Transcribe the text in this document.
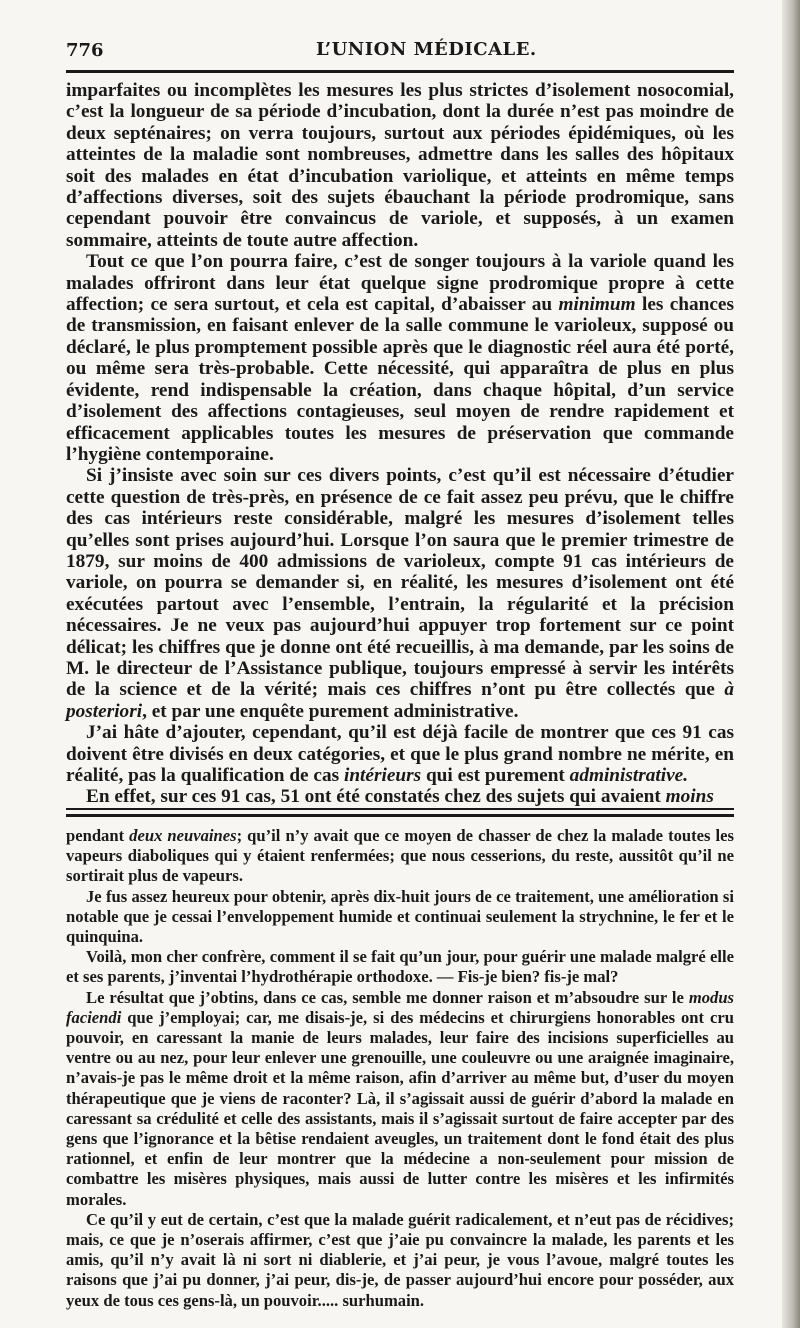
776	L’UNION MÉDICALE.

imparfaites ou incomplètes les mesures les plus strictes d’isolement nosocomial, c’est la longueur de sa période d’incubation, dont la durée n’est pas moindre de deux septénaires; on verra toujours, surtout aux périodes épidémiques, où les atteintes de la maladie sont nombreuses, admettre dans les salles des hôpitaux soit des malades en état d’incubation variolique, et atteints en même temps d’affections diverses, soit des sujets ébauchant la période prodromique, sans cependant pouvoir être convaincus de variole, et supposés, à un examen sommaire, atteints de toute autre affection.

Tout ce que l’on pourra faire, c’est de songer toujours à la variole quand les malades offriront dans leur état quelque signe prodromique propre à cette affection; ce sera surtout, et cela est capital, d’abaisser au minimum les chances de transmission, en faisant enlever de la salle commune le varioleux, supposé ou déclaré, le plus promptement possible après que le diagnostic réel aura été porté, ou même sera très-probable. Cette nécessité, qui apparaîtra de plus en plus évidente, rend indispensable la création, dans chaque hôpital, d’un service d’isolement des affections contagieuses, seul moyen de rendre rapidement et efficacement applicables toutes les mesures de préservation que commande l’hygiène contemporaine.

Si j’insiste avec soin sur ces divers points, c’est qu’il est nécessaire d’étudier cette question de très-près, en présence de ce fait assez peu prévu, que le chiffre des cas intérieurs reste considérable, malgré les mesures d’isolement telles qu’elles sont prises aujourd’hui. Lorsque l’on saura que le premier trimestre de 1879, sur moins de 400 admissions de varioleux, compte 91 cas intérieurs de variole, on pourra se demander si, en réalité, les mesures d’isolement ont été exécutées partout avec l’ensemble, l’entrain, la régularité et la précision nécessaires. Je ne veux pas aujourd’hui appuyer trop fortement sur ce point délicat; les chiffres que je donne ont été recueillis, à ma demande, par les soins de M. le directeur de l’Assistance publique, toujours empressé à servir les intérêts de la science et de la vérité; mais ces chiffres n’ont pu être collectés que à posteriori, et par une enquête purement administrative.

J’ai hâte d’ajouter, cependant, qu’il est déjà facile de montrer que ces 91 cas doivent être divisés en deux catégories, et que le plus grand nombre ne mérite, en réalité, pas la qualification de cas intérieurs qui est purement administrative.

En effet, sur ces 91 cas, 51 ont été constatés chez des sujets qui avaient moins

pendant deux neuvaines; qu’il n’y avait que ce moyen de chasser de chez la malade toutes les vapeurs diaboliques qui y étaient renfermées; que nous cesserions, du reste, aussitôt qu’il ne sortirait plus de vapeurs.

Je fus assez heureux pour obtenir, après dix-huit jours de ce traitement, une amélioration si notable que je cessai l’enveloppement humide et continuai seulement la strychnine, le fer et le quinquina.

Voilà, mon cher confrère, comment il se fait qu’un jour, pour guérir une malade malgré elle et ses parents, j’inventai l’hydrothérapie orthodoxe. — Fis-je bien? fis-je mal?

Le résultat que j’obtins, dans ce cas, semble me donner raison et m’absoudre sur le modus faciendi que j’employai; car, me disais-je, si des médecins et chirurgiens honorables ont cru pouvoir, en caressant la manie de leurs malades, leur faire des incisions superficielles au ventre ou au nez, pour leur enlever une grenouille, une couleuvre ou une araignée imaginaire, n’avais-je pas le même droit et la même raison, afin d’arriver au même but, d’user du moyen thérapeutique que je viens de raconter? Là, il s’agissait aussi de guérir d’abord la malade en caressant sa crédulité et celle des assistants, mais il s’agissait surtout de faire accepter par des gens que l’ignorance et la bêtise rendaient aveugles, un traitement dont le fond était des plus rationnel, et enfin de leur montrer que la médecine a non-seulement pour mission de combattre les misères physiques, mais aussi de lutter contre les misères et les infirmités morales.

Ce qu’il y eut de certain, c’est que la malade guérit radicalement, et n’eut pas de récidives; mais, ce que je n’oserais affirmer, c’est que j’aie pu convaincre la malade, les parents et les amis, qu’il n’y avait là ni sort ni diablerie, et j’ai peur, je vous l’avoue, malgré toutes les raisons que j’ai pu donner, j’ai peur, dis-je, de passer aujourd’hui encore pour posséder, aux yeux de tous ces gens-là, un pouvoir..... surhumain.
